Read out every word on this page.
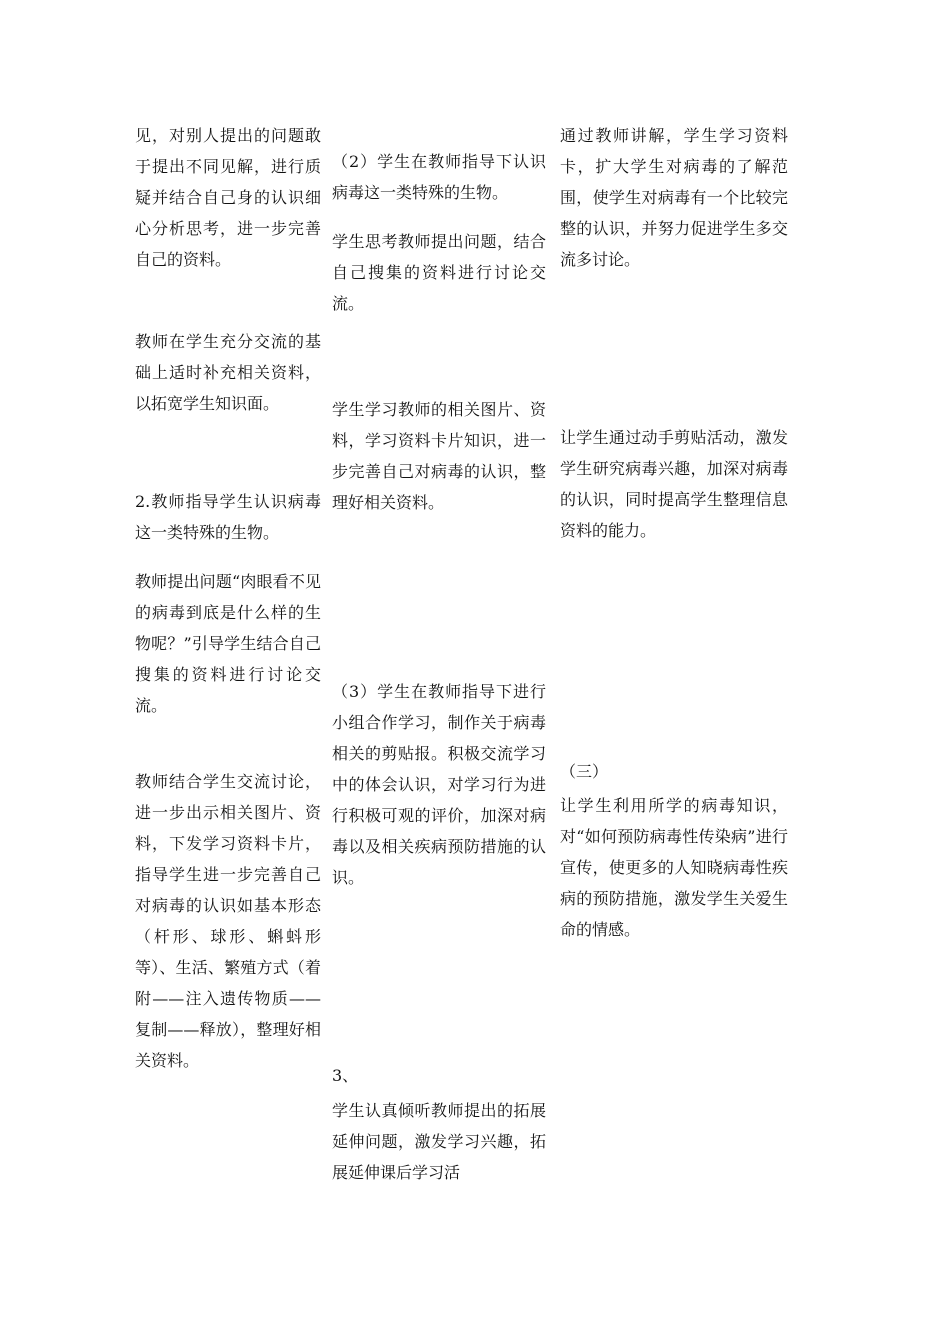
见，对别人提出的问题敢于提出不同见解，进行质疑并结合自己身的认识细心分析思考，进一步完善自己的资料。

教师在学生充分交流的基础上适时补充相关资料，以拓宽学生知识面。

2.教师指导学生认识病毒这一类特殊的生物。

教师提出问题“肉眼看不见的病毒到底是什么样的生物呢？”引导学生结合自己搜集的资料进行讨论交流。

教师结合学生交流讨论，进一步出示相关图片、资料，下发学习资料卡片，指导学生进一步完善自己对病毒的认识如基本形态（杆形、球形、蝌蚪形等）、生活、繁殖方式（着附——注入遗传物质——复制——释放），整理好相关资料。

（2）学生在教师指导下认识病毒这一类特殊的生物。

学生思考教师提出问题，结合自己搜集的资料进行讨论交流。

学生学习教师的相关图片、资料，学习资料卡片知识，进一步完善自己对病毒的认识，整理好相关资料。

（3）学生在教师指导下进行小组合作学习，制作关于病毒相关的剪贴报。积极交流学习中的体会认识，对学习行为进行积极可观的评价，加深对病毒以及相关疾病预防措施的认识。

3、

学生认真倾听教师提出的拓展延伸问题，激发学习兴趣，拓展延伸课后学习活

通过教师讲解，学生学习资料卡，扩大学生对病毒的了解范围，使学生对病毒有一个比较完整的认识，并努力促进学生多交流多讨论。

让学生通过动手剪贴活动，激发学生研究病毒兴趣，加深对病毒的认识，同时提高学生整理信息资料的能力。

（三）

让学生利用所学的病毒知识，对“如何预防病毒性传染病”进行宣传，使更多的人知晓病毒性疾病的预防措施，激发学生关爱生命的情感。
